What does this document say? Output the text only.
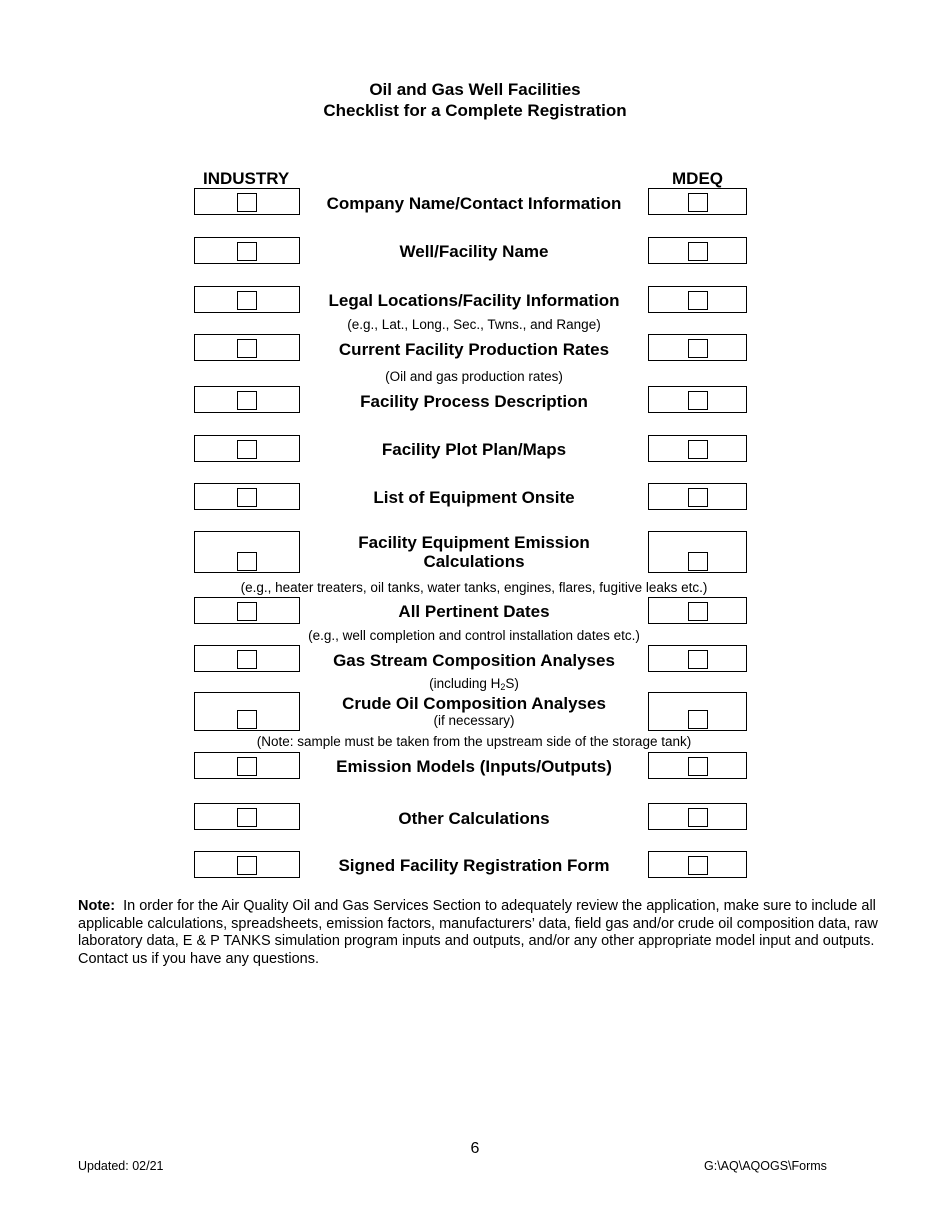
Oil and Gas Well Facilities
Checklist for a Complete Registration
INDUSTRY	MDEQ
Company Name/Contact Information
Well/Facility Name
Legal Locations/Facility Information
(e.g., Lat., Long., Sec., Twns., and Range)
Current Facility Production Rates
(Oil and gas production rates)
Facility Process Description
Facility Plot Plan/Maps
List of Equipment Onsite
Facility Equipment Emission
Calculations
(e.g., heater treaters, oil tanks, water tanks, engines, flares, fugitive leaks etc.)
All Pertinent Dates
(e.g., well completion and control installation dates etc.)
Gas Stream Composition Analyses
(including $H_2S$)
Crude Oil Composition Analyses
(if necessary)
(Note: sample must be taken from the upstream side of the storage tank)
Emission Models (Inputs/Outputs)
Other Calculations
Signed Facility Registration Form
Note: In order for the Air Quality Oil and Gas Services Section to adequately review the application, make sure to include all applicable calculations, spreadsheets, emission factors, manufacturers’ data, field gas and/or crude oil composition data, raw laboratory data, E & P TANKS simulation program inputs and outputs, and/or any other appropriate model input and outputs. Contact us if you have any questions.
6
Updated: 02/21	G:\AQ\AQOGS\Forms
